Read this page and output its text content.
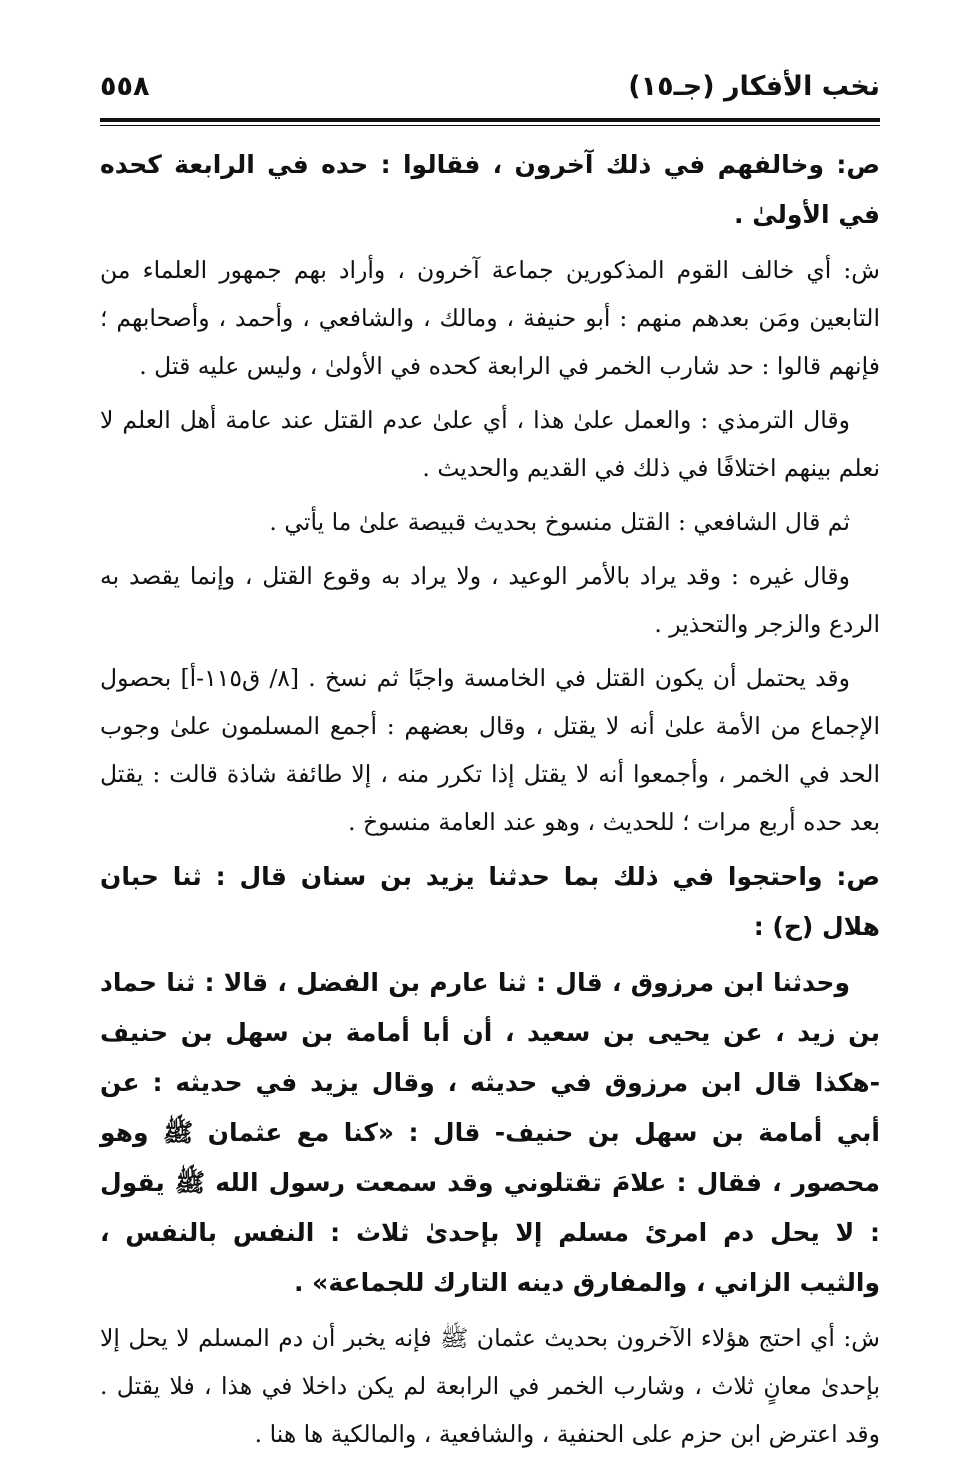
نخب الأفكار (جـ١٥)
٥٥٨

ص: وخالفهم في ذلك آخرون ، فقالوا : حده في الرابعة كحده في الأولىٰ .

ش: أي خالف القوم المذكورين جماعة آخرون ، وأراد بهم جمهور العلماء من التابعين ومَن بعدهم منهم : أبو حنيفة ، ومالك ، والشافعي ، وأحمد ، وأصحابهم ؛ فإنهم قالوا : حد شارب الخمر في الرابعة كحده في الأولىٰ ، وليس عليه قتل .

وقال الترمذي : والعمل علىٰ هذا ، أي علىٰ عدم القتل عند عامة أهل العلم لا نعلم بينهم اختلافًا في ذلك في القديم والحديث .

ثم قال الشافعي : القتل منسوخ بحديث قبيصة علىٰ ما يأتي .

وقال غيره : وقد يراد بالأمر الوعيد ، ولا يراد به وقوع القتل ، وإنما يقصد به الردع والزجر والتحذير .

وقد يحتمل أن يكون القتل في الخامسة واجبًا ثم نسخ . [٨/ ق١١٥-أ] بحصول الإجماع من الأمة علىٰ أنه لا يقتل ، وقال بعضهم : أجمع المسلمون علىٰ وجوب الحد في الخمر ، وأجمعوا أنه لا يقتل إذا تكرر منه ، إلا طائفة شاذة قالت : يقتل بعد حده أربع مرات ؛ للحديث ، وهو عند العامة منسوخ .

ص: واحتجوا في ذلك بما حدثنا يزيد بن سنان قال : ثنا حبان هلال (ح) :

وحدثنا ابن مرزوق ، قال : ثنا عارم بن الفضل ، قالا : ثنا حماد بن زيد ، عن يحيى بن سعيد ، أن أبا أمامة بن سهل بن حنيف -هكذا قال ابن مرزوق في حديثه ، وقال يزيد في حديثه : عن أبي أمامة بن سهل بن حنيف- قال : «كنا مع عثمان ﷺ وهو محصور ، فقال : علامَ تقتلوني وقد سمعت رسول الله ﷺ يقول : لا يحل دم امرئ مسلم إلا بإحدىٰ ثلاث : النفس بالنفس ، والثيب الزاني ، والمفارق دينه التارك للجماعة» .

ش: أي احتج هؤلاء الآخرون بحديث عثمان ﷺ فإنه يخبر أن دم المسلم لا يحل إلا بإحدىٰ معانٍ ثلاث ، وشارب الخمر في الرابعة لم يكن داخلا في هذا ، فلا يقتل . وقد اعترض ابن حزم على الحنفية ، والشافعية ، والمالكية ها هنا .
